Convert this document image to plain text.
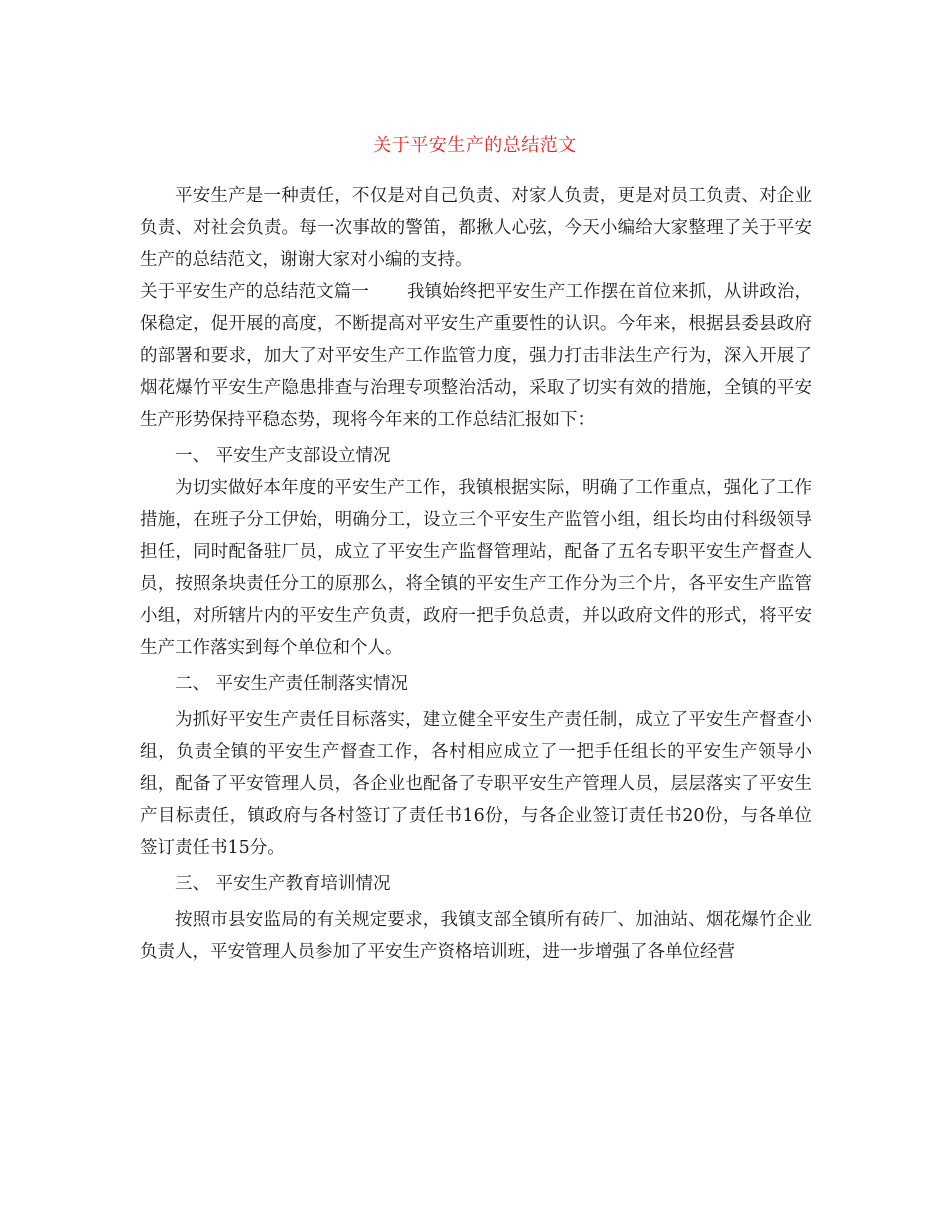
关于平安生产的总结范文

平安生产是一种责任，不仅是对自己负责、对家人负责，更是对员工负责、对企业负责、对社会负责。每一次事故的警笛，都揪人心弦，今天小编给大家整理了关于平安生产的总结范文，谢谢大家对小编的支持。

关于平安生产的总结范文篇一 我镇始终把平安生产工作摆在首位来抓，从讲政治，保稳定，促开展的高度，不断提高对平安生产重要性的认识。今年来，根据县委县政府的部署和要求，加大了对平安生产工作监管力度，强力打击非法生产行为，深入开展了烟花爆竹平安生产隐患排查与治理专项整治活动，采取了切实有效的措施，全镇的平安生产形势保持平稳态势，现将今年来的工作总结汇报如下：

一、 平安生产支部设立情况

为切实做好本年度的平安生产工作，我镇根据实际，明确了工作重点，强化了工作措施，在班子分工伊始，明确分工，设立三个平安生产监管小组，组长均由付科级领导担任，同时配备驻厂员，成立了平安生产监督管理站，配备了五名专职平安生产督查人员，按照条块责任分工的原那么，将全镇的平安生产工作分为三个片，各平安生产监管小组，对所辖片内的平安生产负责，政府一把手负总责，并以政府文件的形式，将平安生产工作落实到每个单位和个人。

二、 平安生产责任制落实情况

为抓好平安生产责任目标落实，建立健全平安生产责任制，成立了平安生产督查小组，负责全镇的平安生产督查工作，各村相应成立了一把手任组长的平安生产领导小组，配备了平安管理人员，各企业也配备了专职平安生产管理人员，层层落实了平安生产目标责任，镇政府与各村签订了责任书16份，与各企业签订责任书20份，与各单位签订责任书15分。

三、 平安生产教育培训情况

按照市县安监局的有关规定要求，我镇支部全镇所有砖厂、加油站、烟花爆竹企业负责人，平安管理人员参加了平安生产资格培训班，进一步增强了各单位经营
